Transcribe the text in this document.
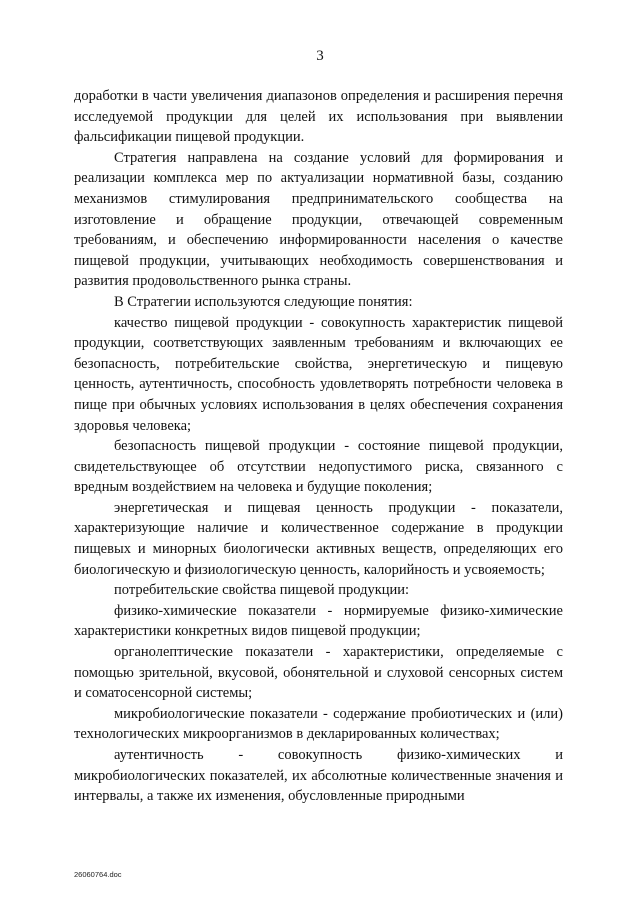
3

доработки в части увеличения диапазонов определения и расширения перечня исследуемой продукции для целей их использования при выявлении фальсификации пищевой продукции.

Стратегия направлена на создание условий для формирования и реализации комплекса мер по актуализации нормативной базы, созданию механизмов стимулирования предпринимательского сообщества на изготовление и обращение продукции, отвечающей современным требованиям, и обеспечению информированности населения о качестве пищевой продукции, учитывающих необходимость совершенствования и развития продовольственного рынка страны.

В Стратегии используются следующие понятия:

качество пищевой продукции - совокупность характеристик пищевой продукции, соответствующих заявленным требованиям и включающих ее безопасность, потребительские свойства, энергетическую и пищевую ценность, аутентичность, способность удовлетворять потребности человека в пище при обычных условиях использования в целях обеспечения сохранения здоровья человека;

безопасность пищевой продукции - состояние пищевой продукции, свидетельствующее об отсутствии недопустимого риска, связанного с вредным воздействием на человека и будущие поколения;

энергетическая и пищевая ценность продукции - показатели, характеризующие наличие и количественное содержание в продукции пищевых и минорных биологически активных веществ, определяющих его биологическую и физиологическую ценность, калорийность и усвояемость;

потребительские свойства пищевой продукции:

физико-химические показатели - нормируемые физико-химические характеристики конкретных видов пищевой продукции;

органолептические показатели - характеристики, определяемые с помощью зрительной, вкусовой, обонятельной и слуховой сенсорных систем и соматосенсорной системы;

микробиологические показатели - содержание пробиотических и (или) технологических микроорганизмов в декларированных количествах;

аутентичность - совокупность физико-химических и микробиологических показателей, их абсолютные количественные значения и интервалы, а также их изменения, обусловленные природными

26060764.doc
